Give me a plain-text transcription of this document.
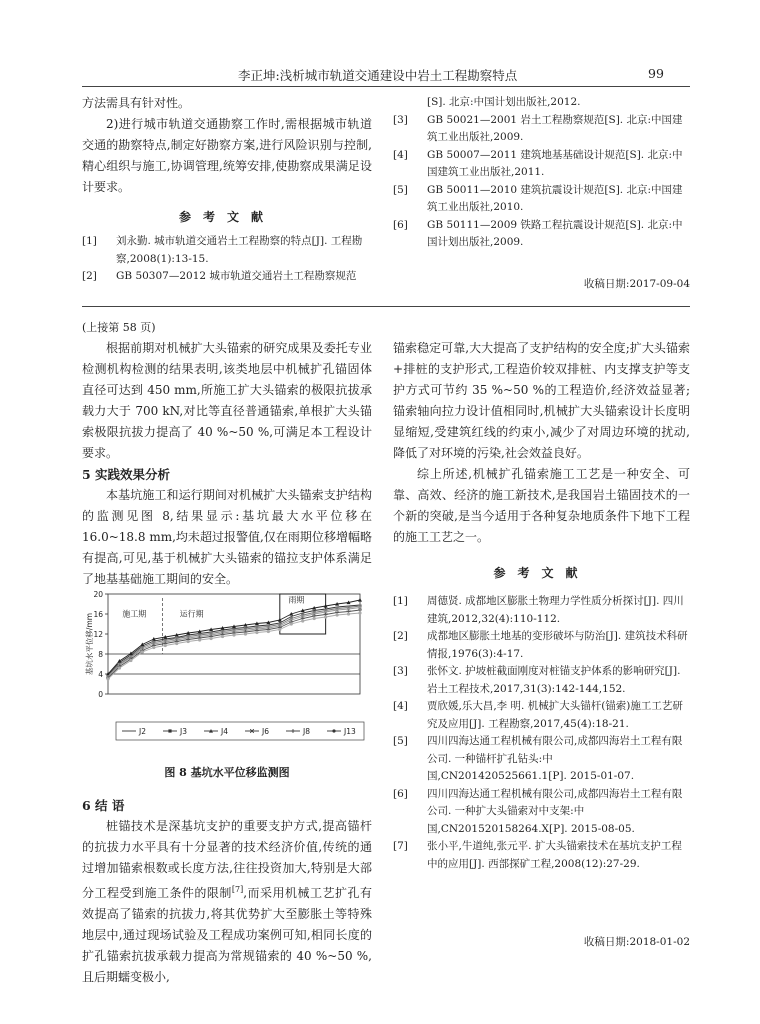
李正坤:浅析城市轨道交通建设中岩土工程勘察特点	99
方法需具有针对性。
2)进行城市轨道交通勘察工作时,需根据城市轨道交通的勘察特点,制定好勘察方案,进行风险识别与控制,精心组织与施工,协调管理,统筹安排,使勘察成果满足设计要求。
参考文献
[1] 刘永勤. 城市轨道交通岩土工程勘察的特点[J]. 工程勘察,2008(1):13-15.
[2] GB 50307—2012 城市轨道交通岩土工程勘察规范
[S]. 北京:中国计划出版社,2012.
[3] GB 50021—2001 岩土工程勘察规范[S]. 北京:中国建筑工业出版社,2009.
[4] GB 50007—2011 建筑地基基础设计规范[S]. 北京:中国建筑工业出版社,2011.
[5] GB 50011—2010 建筑抗震设计规范[S]. 北京:中国建筑工业出版社,2010.
[6] GB 50111—2009 铁路工程抗震设计规范[S]. 北京:中国计划出版社,2009.
收稿日期:2017-09-04
(上接第 58 页)
根据前期对机械扩大头锚索的研究成果及委托专业检测机构检测的结果表明,该类地层中机械扩孔锚固体直径可达到 450 mm,所施工扩大头锚索的极限抗拔承载力大于 700 kN,对比等直径普通锚索,单根扩大头锚索极限抗拔力提高了 40 %~50 %,可满足本工程设计要求。
5 实践效果分析
本基坑施工和运行期间对机械扩大头锚索支护结构的监测见图 8,结果显示:基坑最大水平位移在 16.0~18.8 mm,均未超过报警值,仅在雨期位移增幅略有提高,可见,基于机械扩大头锚索的锚拉支护体系满足了地基基础施工期间的安全。
0
4
8
12
16
20
基坑水平位移/mm	施工期	运行期
雨期
J2	J3	J4	J6	J8	J13
图 8 基坑水平位移监测图
6 结 语
桩锚技术是深基坑支护的重要支护方式,提高锚杆的抗拔力水平具有十分显著的技术经济价值,传统的通过增加锚索根数或长度方法,往往投资加大,特别是大部分工程受到施工条件的限制[7],而采用机械工艺扩孔有效提高了锚索的抗拔力,将其优势扩大至膨胀土等特殊地层中,通过现场试验及工程成功案例可知,相同长度的扩孔锚索抗拔承载力提高为常规锚索的 40 %~50 %,且后期蠕变极小,
锚索稳定可靠,大大提高了支护结构的安全度;扩大头锚索+排桩的支护形式,工程造价较双排桩、内支撑支护等支护方式可节约 35 %~50 %的工程造价,经济效益显著;锚索轴向拉力设计值相同时,机械扩大头锚索设计长度明显缩短,受建筑红线的约束小,减少了对周边环境的扰动,降低了对环境的污染,社会效益良好。
综上所述,机械扩孔锚索施工工艺是一种安全、可靠、高效、经济的施工新技术,是我国岩土锚固技术的一个新的突破,是当今适用于各种复杂地质条件下地下工程的施工工艺之一。
参考文献
[1] 周德贤. 成都地区膨胀土物理力学性质分析探讨[J]. 四川建筑,2012,32(4):110-112.
[2] 成都地区膨胀土地基的变形破坏与防治[J]. 建筑技术科研情报,1976(3):4-17.
[3] 张怀文. 护坡桩截面刚度对桩锚支护体系的影响研究[J]. 岩土工程技术,2017,31(3):142-144,152.
[4] 贾欣媛,乐大昌,李 明. 机械扩大头锚杆(锚索)施工工艺研究及应用[J]. 工程勘察,2017,45(4):18-21.
[5] 四川四海达通工程机械有限公司,成都四海岩土工程有限公司. 一种锚杆扩孔钻头:中国,CN201420525661.1[P]. 2015-01-07.
[6] 四川四海达通工程机械有限公司,成都四海岩土工程有限公司. 一种扩大头锚索对中支架:中国,CN201520158264.X[P]. 2015-08-05.
[7] 张小平,牛道纯,张元平. 扩大头锚索技术在基坑支护工程中的应用[J]. 西部探矿工程,2008(12):27-29.
收稿日期:2018-01-02
